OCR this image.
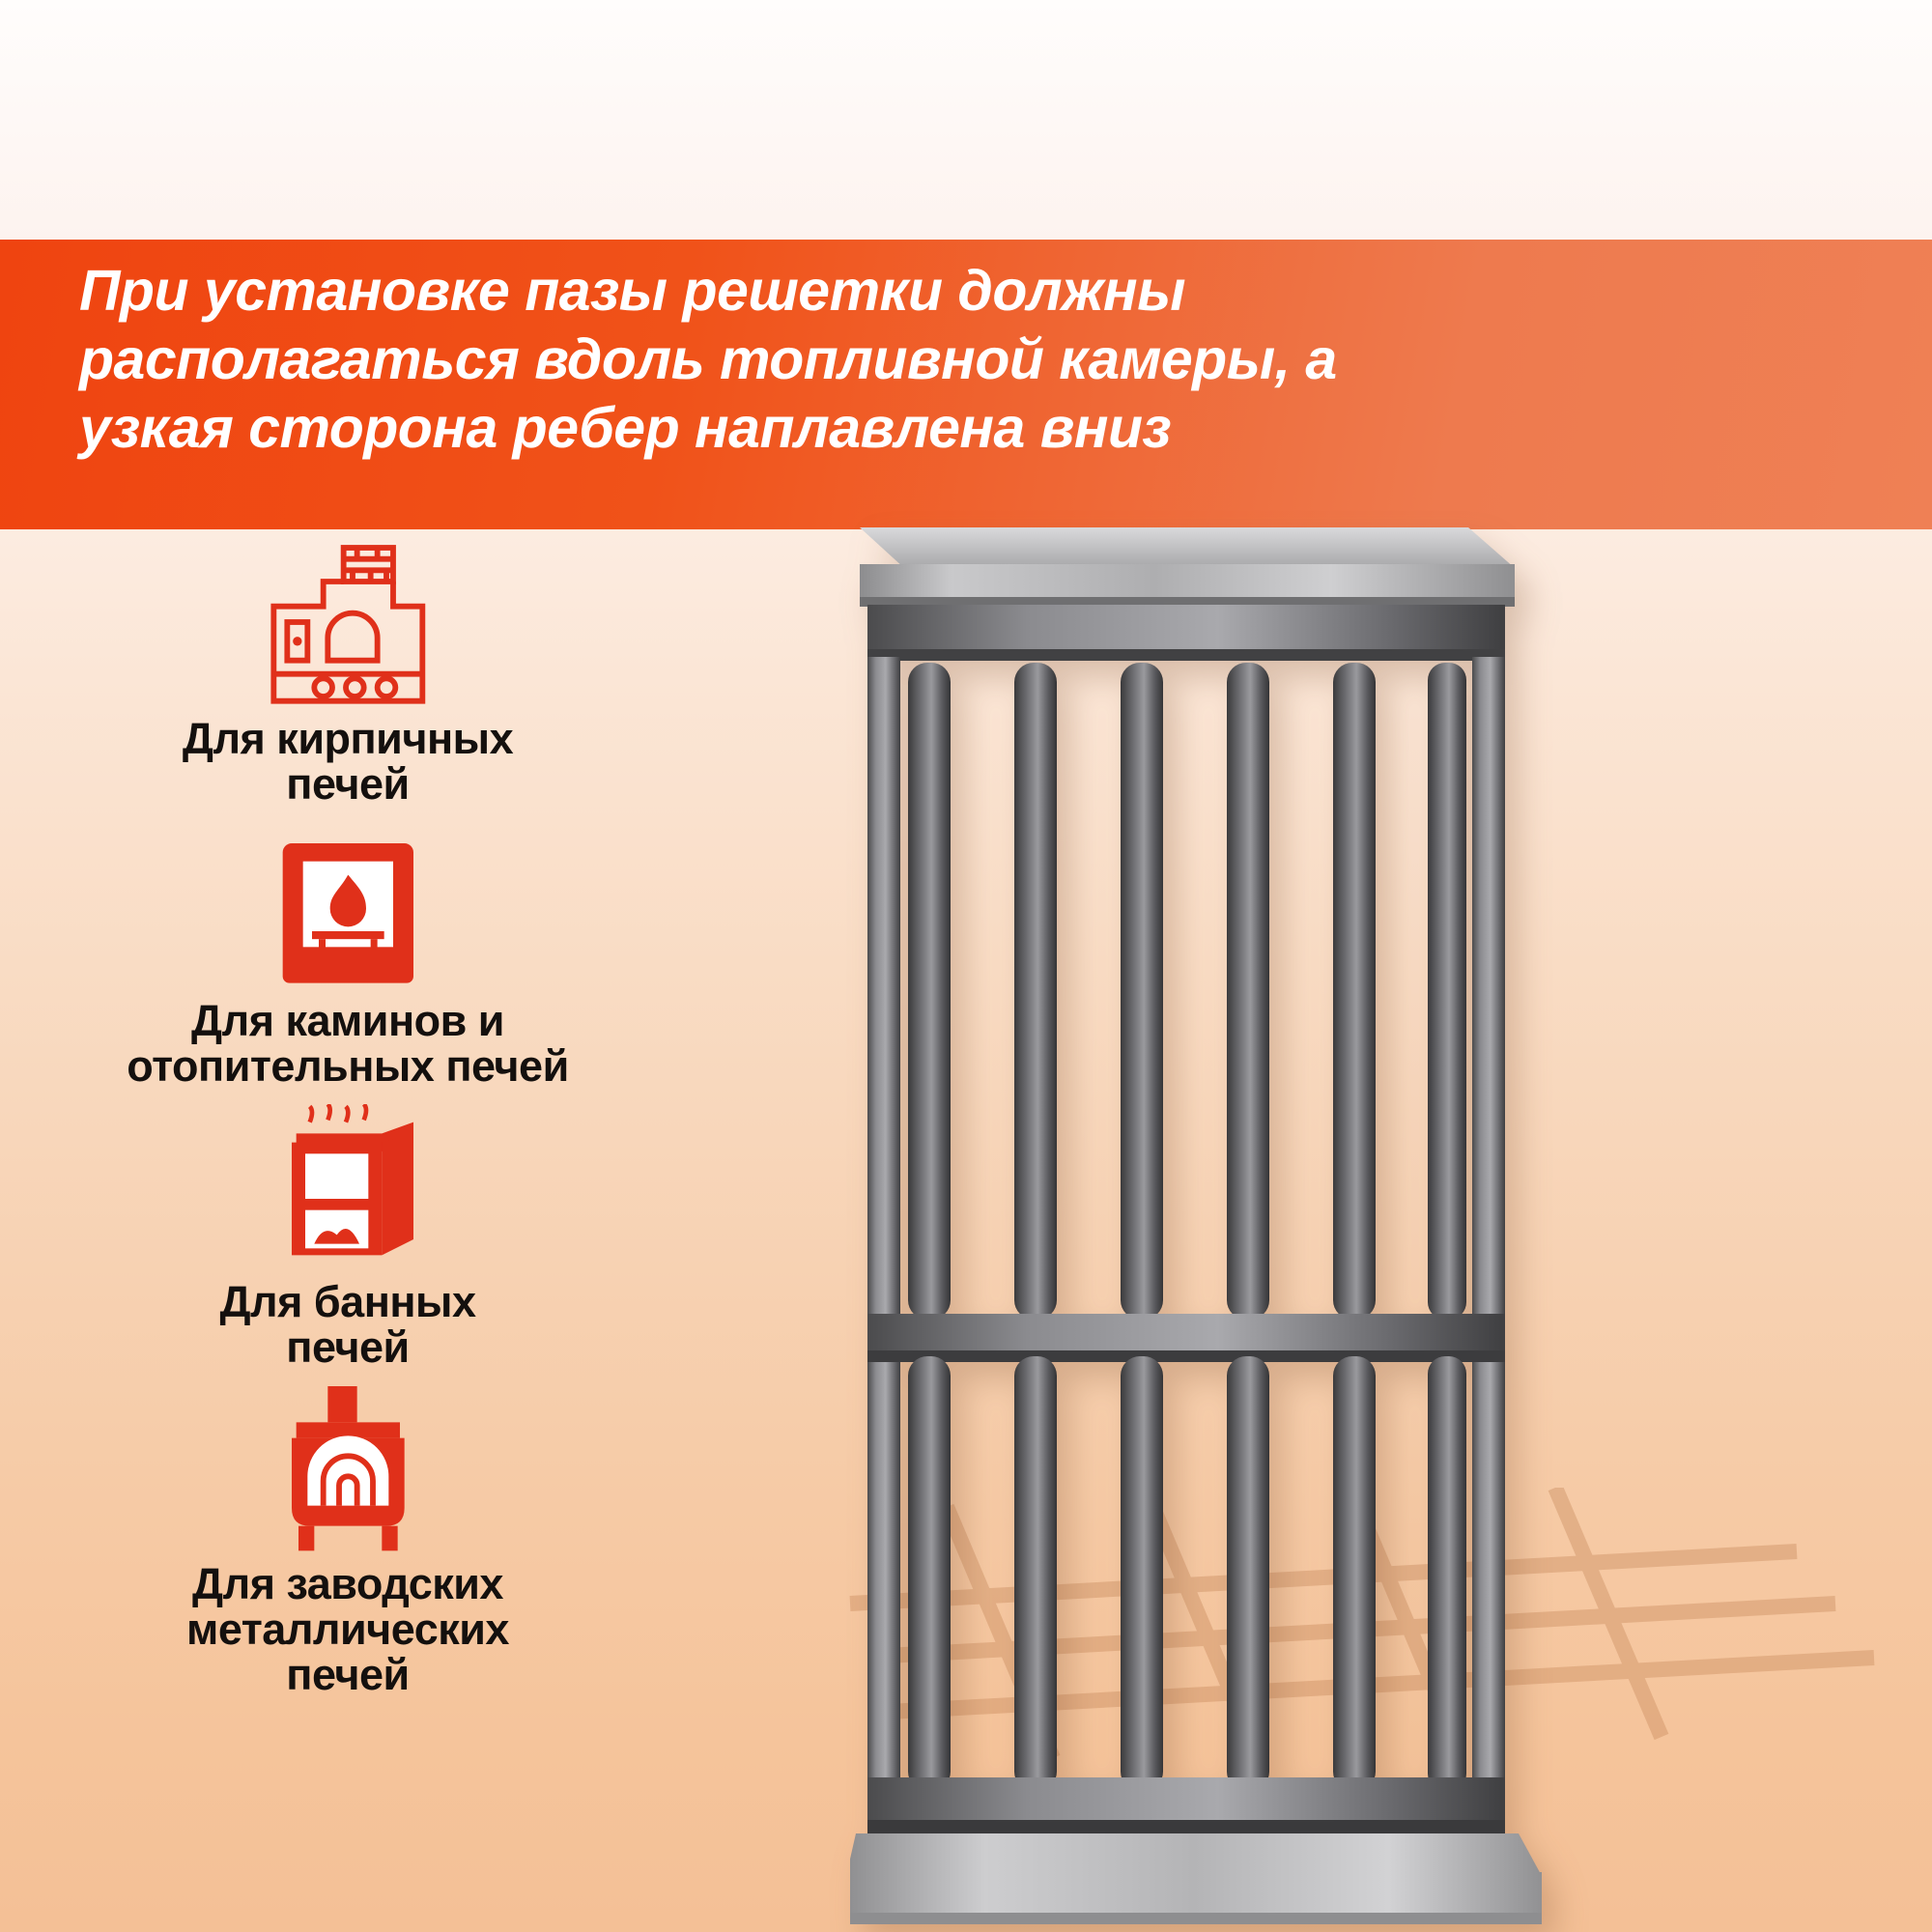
При установке пазы решетки должны
располагаться вдоль топливной камеры, а
узкая сторона ребер наплавлена вниз
Для кирпичных
печей
Для каминов и
отопительных печей
Для банных
печей
Для заводских
металлических
печей
